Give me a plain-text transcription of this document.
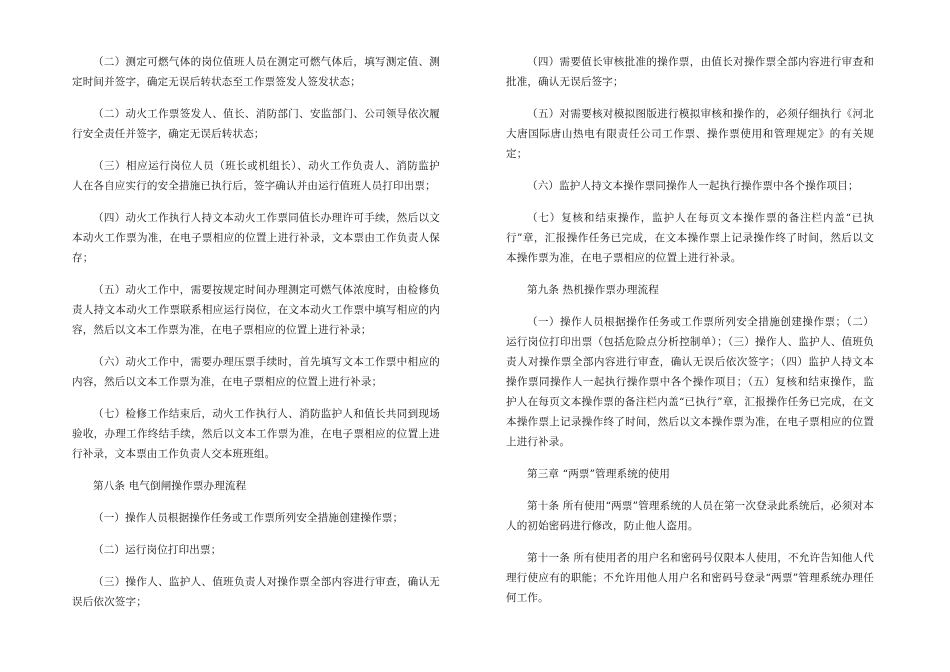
（二）测定可燃气体的岗位值班人员在测定可燃气体后，填写测定值、测定时间并签字，确定无误后转状态至工作票签发人签发状态；

（二）动火工作票签发人、值长、消防部门、安监部门、公司领导依次履行安全责任并签字，确定无误后转状态；

（三）相应运行岗位人员（班长或机组长）、动火工作负责人、消防监护人在各自应实行的安全措施已执行后，签字确认并由运行值班人员打印出票；

（四）动火工作执行人持文本动火工作票同值长办理许可手续，然后以文本动火工作票为准，在电子票相应的位置上进行补录，文本票由工作负责人保存；

（五）动火工作中，需要按规定时间办理测定可燃气体浓度时，由检修负责人持文本动火工作票联系相应运行岗位，在文本动火工作票中填写相应的内容，然后以文本工作票为准，在电子票相应的位置上进行补录；

（六）动火工作中，需要办理压票手续时，首先填写文本工作票中相应的内容，然后以文本工作票为准，在电子票相应的位置上进行补录；

（七）检修工作结束后，动火工作执行人、消防监护人和值长共同到现场验收，办理工作终结手续，然后以文本工作票为准，在电子票相应的位置上进行补录，文本票由工作负责人交本班班组。

第八条 电气倒闸操作票办理流程

（一）操作人员根据操作任务或工作票所列安全措施创建操作票；

（二）运行岗位打印出票；

（三）操作人、监护人、值班负责人对操作票全部内容进行审查，确认无误后依次签字；

（四）需要值长审核批准的操作票，由值长对操作票全部内容进行审查和批准，确认无误后签字；

（五）对需要核对模拟图版进行模拟审核和操作的，必须仔细执行《河北大唐国际唐山热电有限责任公司工作票、操作票使用和管理规定》的有关规定；

（六）监护人持文本操作票同操作人一起执行操作票中各个操作项目；

（七）复核和结束操作，监护人在每页文本操作票的备注栏内盖“已执行”章，汇报操作任务已完成，在文本操作票上记录操作终了时间，然后以文本操作票为准，在电子票相应的位置上进行补录。

第九条 热机操作票办理流程

（一）操作人员根据操作任务或工作票所列安全措施创建操作票；（二）运行岗位打印出票（包括危险点分析控制单）；（三）操作人、监护人、值班负责人对操作票全部内容进行审查，确认无误后依次签字；（四）监护人持文本操作票同操作人一起执行操作票中各个操作项目；（五）复核和结束操作，监护人在每页文本操作票的备注栏内盖“已执行”章，汇报操作任务已完成，在文本操作票上记录操作终了时间，然后以文本操作票为准，在电子票相应的位置上进行补录。

第三章 “两票”管理系统的使用

第十条 所有使用“两票”管理系统的人员在第一次登录此系统后，必须对本人的初始密码进行修改，防止他人盗用。

第十一条 所有使用者的用户名和密码号仅限本人使用，不允许告知他人代理行使应有的职能；不允许用他人用户名和密码号登录“两票”管理系统办理任何工作。
